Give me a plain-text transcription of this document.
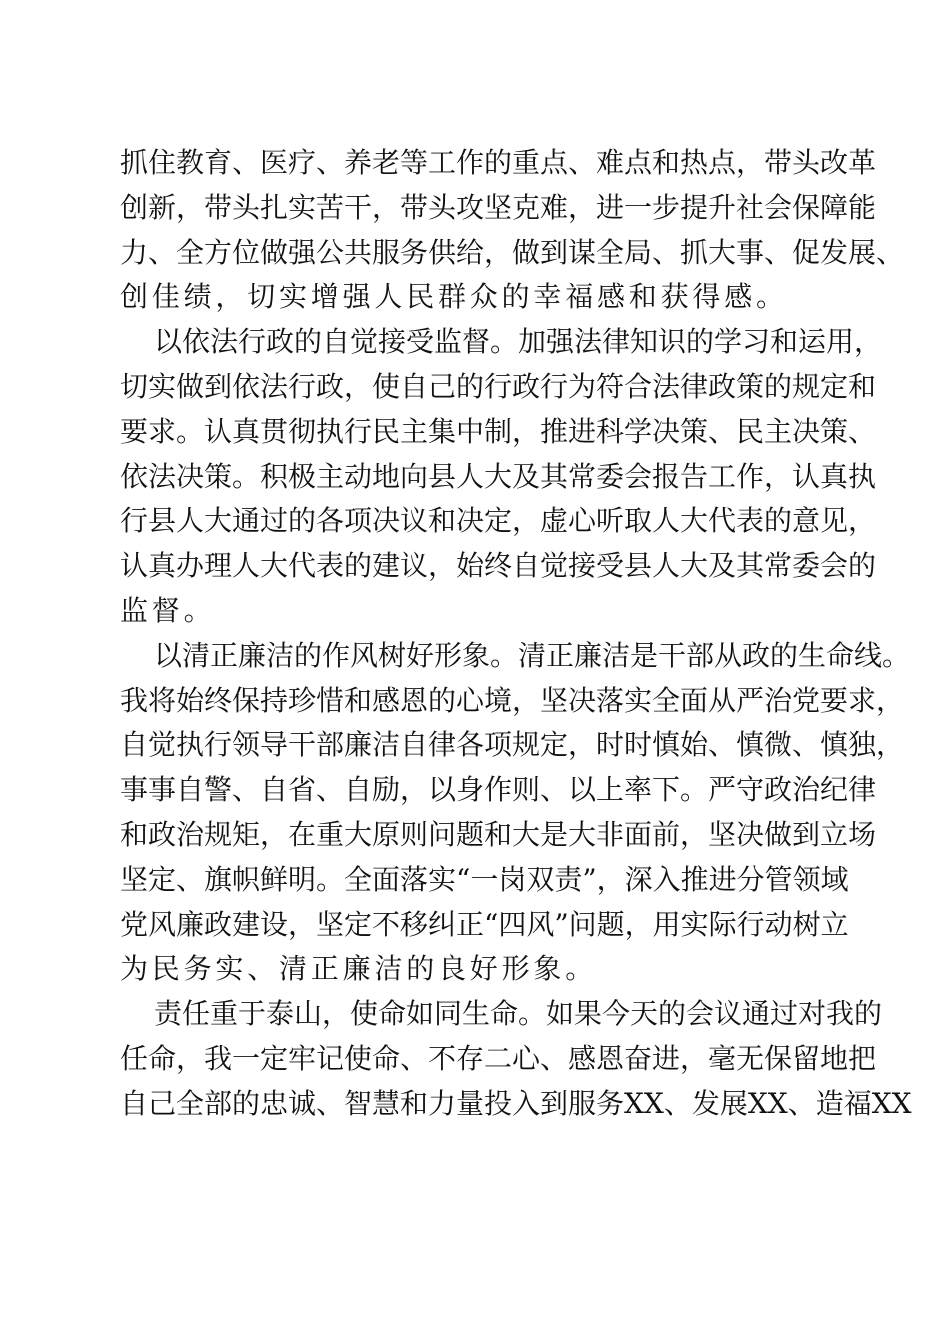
抓住教育、医疗、养老等工作的重点、难点和热点，带头改革
创新，带头扎实苦干，带头攻坚克难，进一步提升社会保障能
力、全方位做强公共服务供给，做到谋全局、抓大事、促发展、
创佳绩，切实增强人民群众的幸福感和获得感。
以依法行政的自觉接受监督。加强法律知识的学习和运用，
切实做到依法行政，使自己的行政行为符合法律政策的规定和
要求。认真贯彻执行民主集中制，推进科学决策、民主决策、
依法决策。积极主动地向县人大及其常委会报告工作，认真执
行县人大通过的各项决议和决定，虚心听取人大代表的意见，
认真办理人大代表的建议，始终自觉接受县人大及其常委会的
监督。
以清正廉洁的作风树好形象。清正廉洁是干部从政的生命线。
我将始终保持珍惜和感恩的心境，坚决落实全面从严治党要求，
自觉执行领导干部廉洁自律各项规定，时时慎始、慎微、慎独，
事事自警、自省、自励，以身作则、以上率下。严守政治纪律
和政治规矩，在重大原则问题和大是大非面前，坚决做到立场
坚定、旗帜鲜明。全面落实“一岗双责”，深入推进分管领域
党风廉政建设，坚定不移纠正“四风”问题，用实际行动树立
为民务实、清正廉洁的良好形象。
责任重于泰山，使命如同生命。如果今天的会议通过对我的
任命，我一定牢记使命、不存二心、感恩奋进，毫无保留地把
自己全部的忠诚、智慧和力量投入到服务XX、发展XX、造福XX
